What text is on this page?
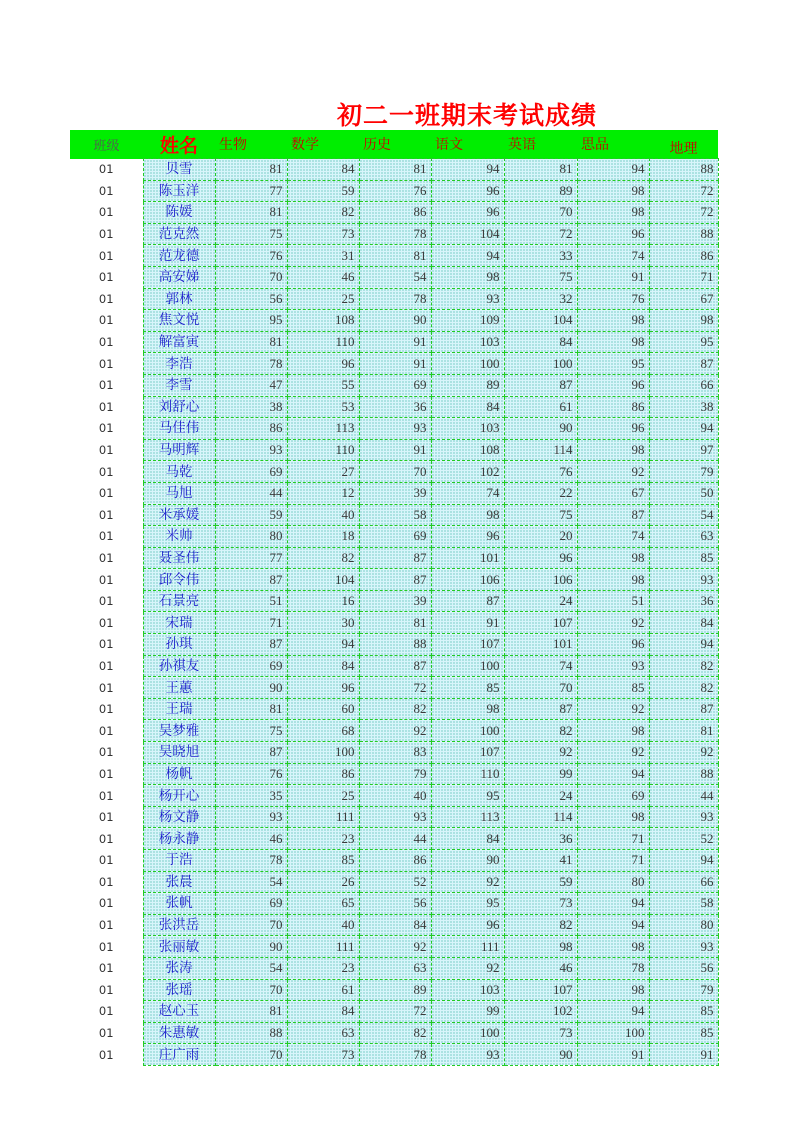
初二一班期末考试成绩
班级	姓名	生物	数学	历史	语文	英语	思品	地理
01	贝雪	81	84	81	94	81	94	88
01	陈玉洋	77	59	76	96	89	98	72
01	陈媛	81	82	86	96	70	98	72
01	范克然	75	73	78	104	72	96	88
01	范龙德	76	31	81	94	33	74	86
01	高安娣	70	46	54	98	75	91	71
01	郭林	56	25	78	93	32	76	67
01	焦文悦	95	108	90	109	104	98	98
01	解富寅	81	110	91	103	84	98	95
01	李浩	78	96	91	100	100	95	87
01	李雪	47	55	69	89	87	96	66
01	刘舒心	38	53	36	84	61	86	38
01	马佳伟	86	113	93	103	90	96	94
01	马明辉	93	110	91	108	114	98	97
01	马乾	69	27	70	102	76	92	79
01	马旭	44	12	39	74	22	67	50
01	米承媛	59	40	58	98	75	87	54
01	米帅	80	18	69	96	20	74	63
01	聂圣伟	77	82	87	101	96	98	85
01	邱令伟	87	104	87	106	106	98	93
01	石景亮	51	16	39	87	24	51	36
01	宋瑞	71	30	81	91	107	92	84
01	孙琪	87	94	88	107	101	96	94
01	孙祺友	69	84	87	100	74	93	82
01	王蕙	90	96	72	85	70	85	82
01	王瑞	81	60	82	98	87	92	87
01	吴梦雅	75	68	92	100	82	98	81
01	吴晓旭	87	100	83	107	92	92	92
01	杨帆	76	86	79	110	99	94	88
01	杨开心	35	25	40	95	24	69	44
01	杨文静	93	111	93	113	114	98	93
01	杨永静	46	23	44	84	36	71	52
01	于浩	78	85	86	90	41	71	94
01	张晨	54	26	52	92	59	80	66
01	张帆	69	65	56	95	73	94	58
01	张洪岳	70	40	84	96	82	94	80
01	张丽敏	90	111	92	111	98	98	93
01	张涛	54	23	63	92	46	78	56
01	张瑶	70	61	89	103	107	98	79
01	赵心玉	81	84	72	99	102	94	85
01	朱惠敏	88	63	82	100	73	100	85
01	庄广雨	70	73	78	93	90	91	91
